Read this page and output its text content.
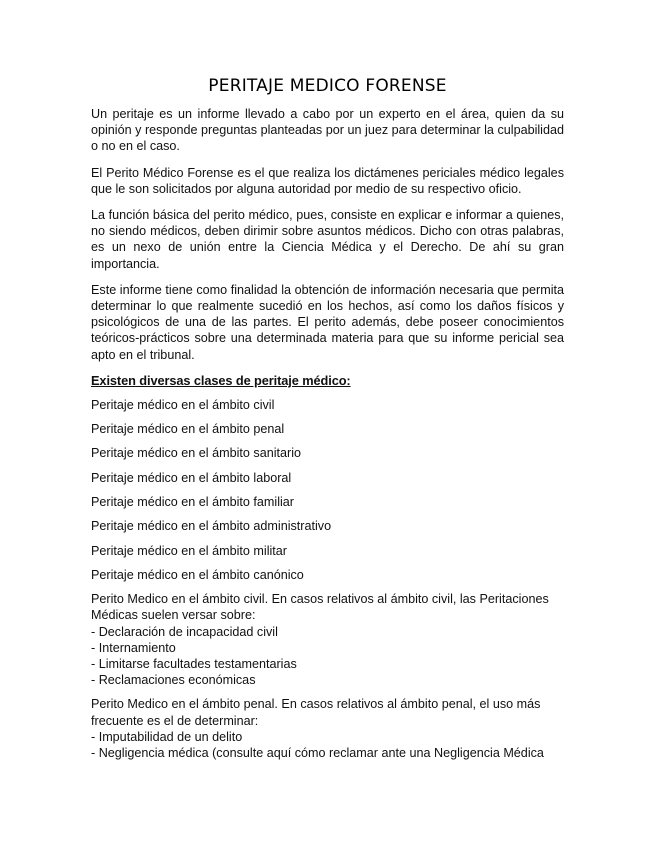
PERITAJE MEDICO FORENSE

Un peritaje es un informe llevado a cabo por un experto en el área, quien da su opinión y responde preguntas planteadas por un juez para determinar la culpabilidad o no en el caso.

El Perito Médico Forense es el que realiza los dictámenes periciales médico legales que le son solicitados por alguna autoridad por medio de su respectivo oficio.

La función básica del perito médico, pues, consiste en explicar e informar a quienes, no siendo médicos, deben dirimir sobre asuntos médicos. Dicho con otras palabras, es un nexo de unión entre la Ciencia Médica y el Derecho. De ahí su gran importancia.

Este informe tiene como finalidad la obtención de información necesaria que permita determinar lo que realmente sucedió en los hechos, así como los daños físicos y psicológicos de una de las partes. El perito además, debe poseer conocimientos teóricos-prácticos sobre una determinada materia para que su informe pericial sea apto en el tribunal.

Existen diversas clases de peritaje médico:
Peritaje médico en el ámbito civil
Peritaje médico en el ámbito penal
Peritaje médico en el ámbito sanitario
Peritaje médico en el ámbito laboral
Peritaje médico en el ámbito familiar
Peritaje médico en el ámbito administrativo
Peritaje médico en el ámbito militar
Peritaje médico en el ámbito canónico
Perito Medico en el ámbito civil. En casos relativos al ámbito civil, las Peritaciones
Médicas suelen versar sobre:
- Declaración de incapacidad civil
- Internamiento
- Limitarse facultades testamentarias
- Reclamaciones económicas
Perito Medico en el ámbito penal. En casos relativos al ámbito penal, el uso más
frecuente es el de determinar:
- Imputabilidad de un delito
- Negligencia médica (consulte aquí cómo reclamar ante una Negligencia Médica
